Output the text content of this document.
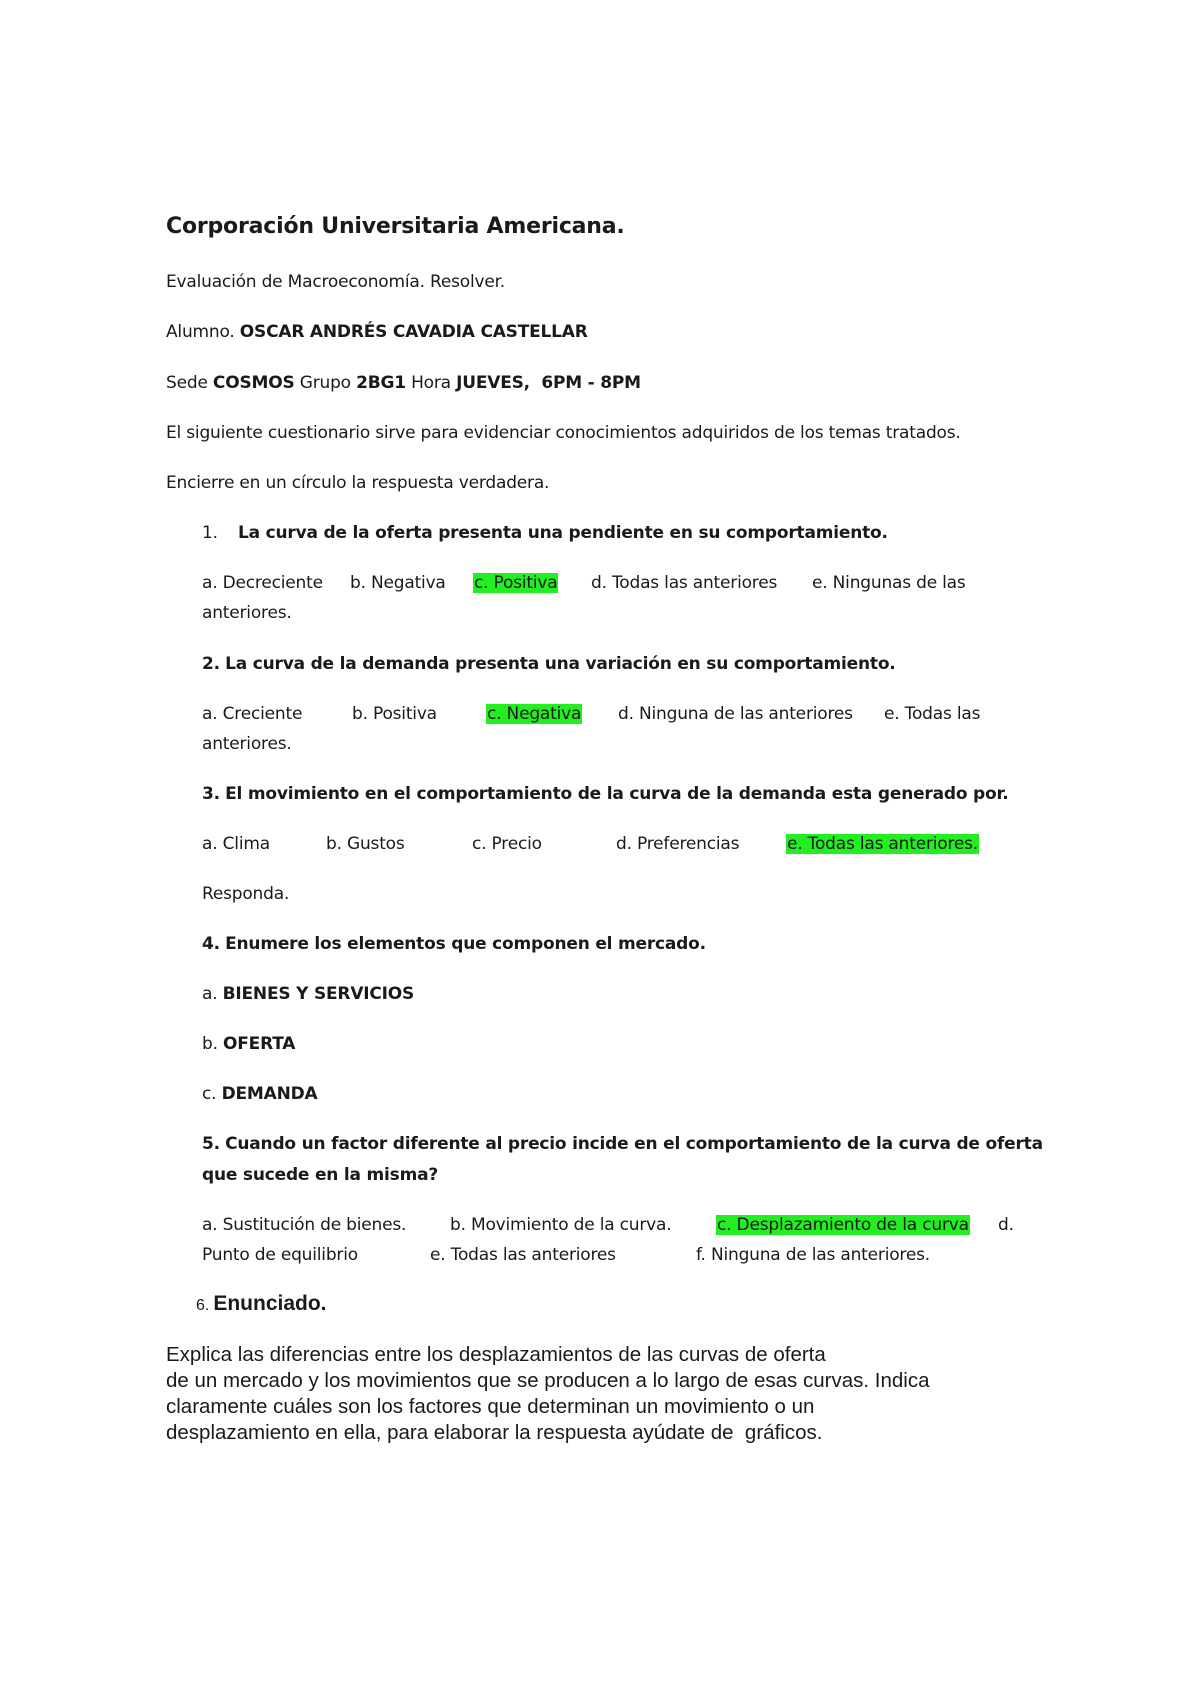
Corporación Universitaria Americana.
Evaluación de Macroeconomía. Resolver.
Alumno. OSCAR ANDRÉS CAVADIA CASTELLAR
Sede COSMOS Grupo 2BG1 Hora JUEVES,  6PM - 8PM
El siguiente cuestionario sirve para evidenciar conocimientos adquiridos de los temas tratados.
Encierre en un círculo la respuesta verdadera.
1. La curva de la oferta presenta una pendiente en su comportamiento.
a. Decreciente b. Negativa c. Positiva d. Todas las anteriores e. Ningunas de las
anteriores.
2. La curva de la demanda presenta una variación en su comportamiento.
a. Creciente	b. Positiva	c. Negativa d. Ninguna de las anteriores e. Todas las
anteriores.
3. El movimiento en el comportamiento de la curva de la demanda esta generado por.
a. Clima	b. Gustos	c. Precio	d. Preferencias	e. Todas las anteriores.
Responda.
4. Enumere los elementos que componen el mercado.
a. BIENES Y SERVICIOS
b. OFERTA
c. DEMANDA
5. Cuando un factor diferente al precio incide en el comportamiento de la curva de oferta
que sucede en la misma?
a. Sustitución de bienes.	b. Movimiento de la curva.	c. Desplazamiento de la curva d.
Punto de equilibrio	e. Todas las anteriores	f. Ninguna de las anteriores.
6. Enunciado.
Explica las diferencias entre los desplazamientos de las curvas de oferta
de un mercado y los movimientos que se producen a lo largo de esas curvas. Indica
claramente cuáles son los factores que determinan un movimiento o un
desplazamiento en ella, para elaborar la respuesta ayúdate de  gráficos.
